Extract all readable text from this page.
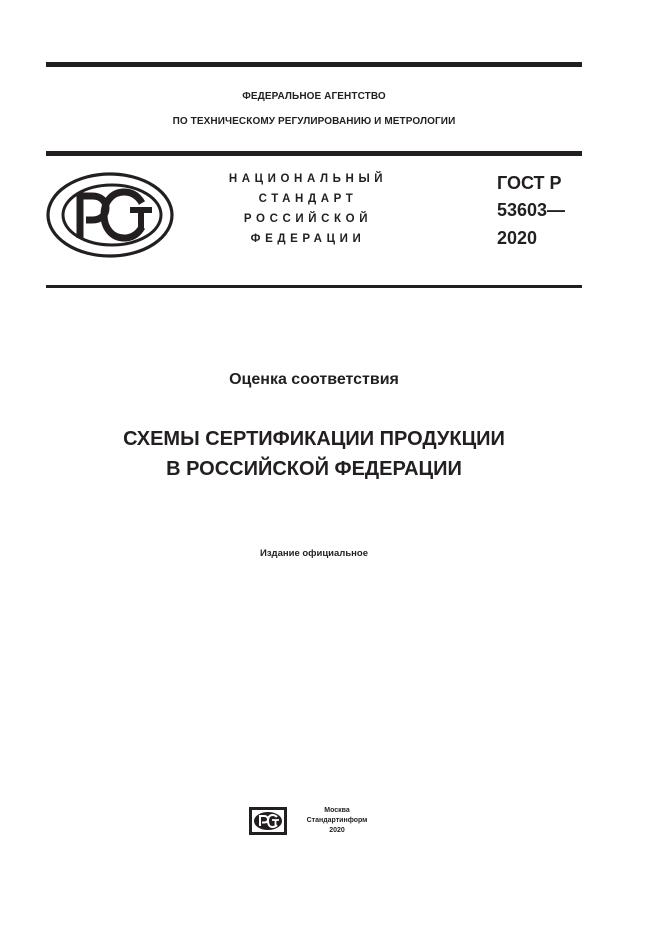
ФЕДЕРАЛЬНОЕ АГЕНТСТВО
ПО ТЕХНИЧЕСКОМУ РЕГУЛИРОВАНИЮ И МЕТРОЛОГИИ
НАЦИОНАЛЬНЫЙ
СТАНДАРТ
РОССИЙСКОЙ
ФЕДЕРАЦИИ
ГОСТ Р
53603—
2020
Оценка соответствия
СХЕМЫ СЕРТИФИКАЦИИ ПРОДУКЦИИ
В РОССИЙСКОЙ ФЕДЕРАЦИИ
Издание официальное
Москва
Стандартинформ
2020
